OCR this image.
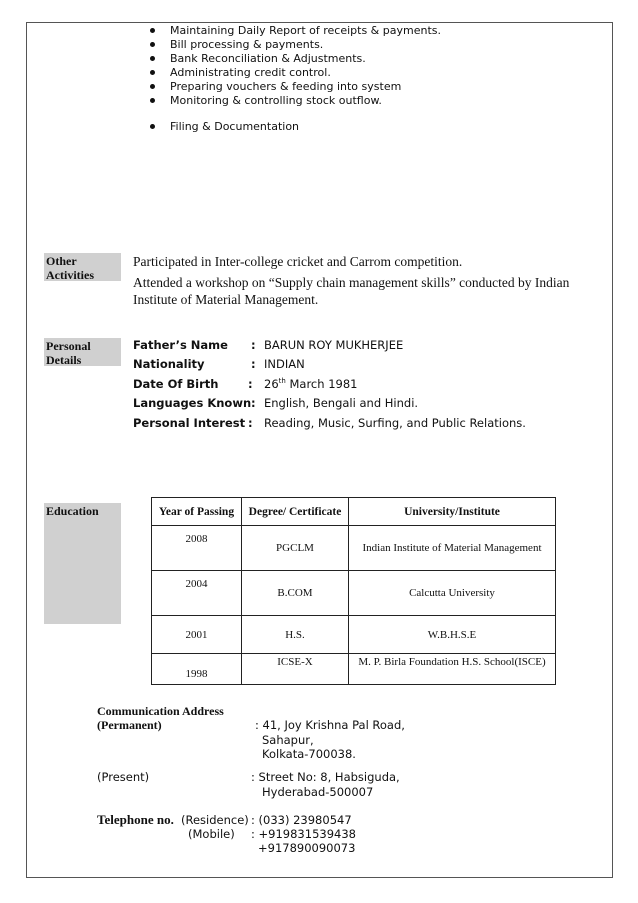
Maintaining Daily Report of receipts & payments.
Bill processing & payments.
Bank Reconciliation & Adjustments.
Administrating credit control.
Preparing vouchers & feeding into system
Monitoring & controlling stock outflow.
Filing & Documentation
Other
Activities
Participated in Inter-college cricket and Carrom competition.
Attended a workshop on “Supply chain management skills” conducted by Indian Institute of Material Management.
Personal
Details
Father’s Name : BARUN ROY MUKHERJEE
Nationality	: INDIAN
Date Of Birth	: 26th March 1981
Languages Known : English, Bengali and Hindi.
Personal Interest : Reading, Music, Surfing, and Public Relations.
Education	Year of Passing	Degree/ Certificate	University/Institute
2008	PGCLM	Indian Institute of Material Management
2004	B.COM	Calcutta University
2001	H.S.	W.B.H.S.E
1998	ICSE-X	M. P. Birla Foundation H.S. School(ISCE)
Communication Address
(Permanent)	: 41, Joy Krishna Pal Road,
Sahapur,
Kolkata-700038.
(Present)	: Street No: 8, Habsiguda,
Hyderabad-500007
Telephone no. (Residence) : (033) 23980547
(Mobile) : +919831539438
+917890090073
